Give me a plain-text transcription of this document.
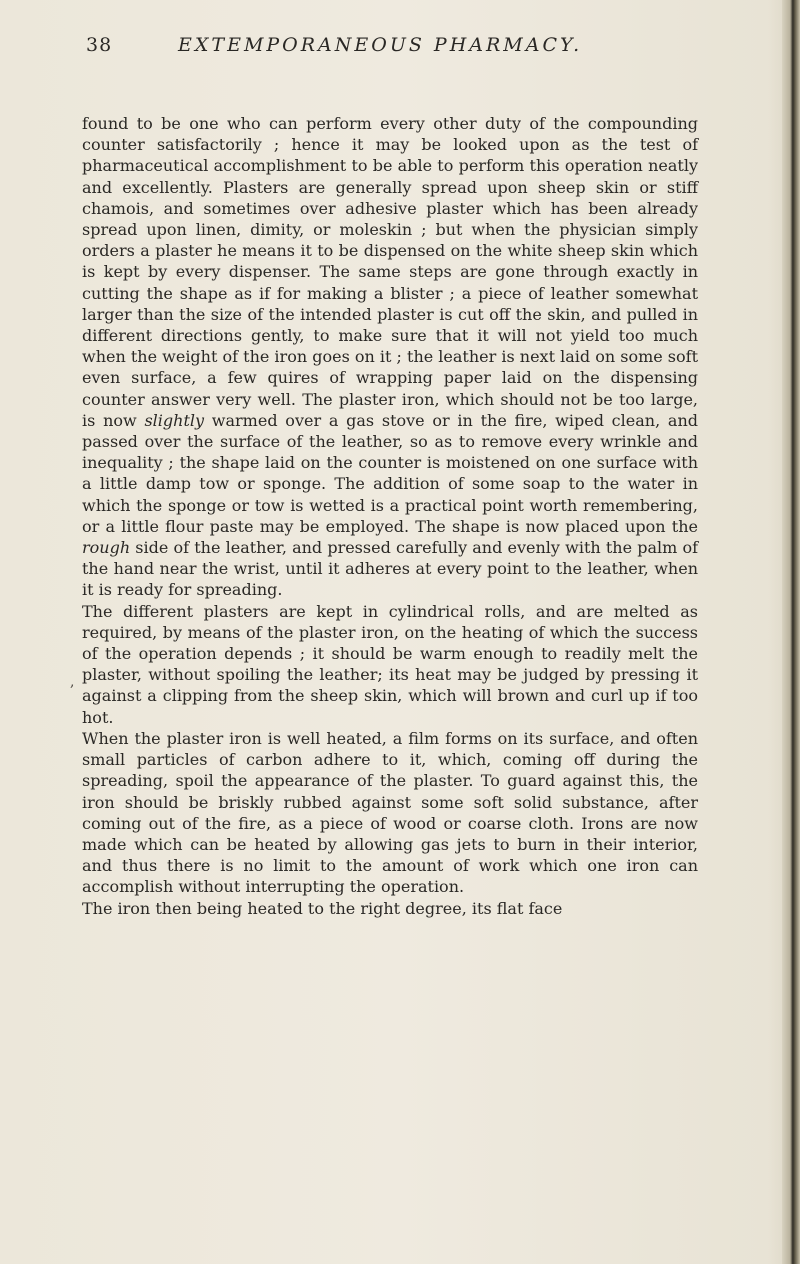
38	EXTEMPORANEOUS PHARMACY.
,

found to be one who can perform every other duty of the compounding counter satisfactorily ; hence it may be looked upon as the test of pharmaceutical accomplishment to be able to perform this operation neatly and excellently. Plasters are generally spread upon sheep skin or stiff chamois, and sometimes over adhesive plaster which has been already spread upon linen, dimity, or moleskin ; but when the physician simply orders a plaster he means it to be dispensed on the white sheep skin which is kept by every dispenser. The same steps are gone through exactly in cutting the shape as if for making a blister ; a piece of leather somewhat larger than the size of the intended plaster is cut off the skin, and pulled in different directions gently, to make sure that it will not yield too much when the weight of the iron goes on it ; the leather is next laid on some soft even surface, a few quires of wrapping paper laid on the dispensing counter answer very well. The plaster iron, which should not be too large, is now slightly warmed over a gas stove or in the fire, wiped clean, and passed over the surface of the leather, so as to remove every wrinkle and inequality ; the shape laid on the counter is moistened on one surface with a little damp tow or sponge. The addition of some soap to the water in which the sponge or tow is wetted is a practical point worth remembering, or a little flour paste may be employed. The shape is now placed upon the rough side of the leather, and pressed carefully and evenly with the palm of the hand near the wrist, until it adheres at every point to the leather, when it is ready for spreading.

The different plasters are kept in cylindrical rolls, and are melted as required, by means of the plaster iron, on the heating of which the success of the operation depends ; it should be warm enough to readily melt the plaster, without spoiling the leather; its heat may be judged by pressing it against a clipping from the sheep skin, which will brown and curl up if too hot.

When the plaster iron is well heated, a film forms on its surface, and often small particles of carbon adhere to it, which, coming off during the spreading, spoil the appearance of the plaster. To guard against this, the iron should be briskly rubbed against some soft solid substance, after coming out of the fire, as a piece of wood or coarse cloth. Irons are now made which can be heated by allowing gas jets to burn in their interior, and thus there is no limit to the amount of work which one iron can accomplish without interrupting the operation.

The iron then being heated to the right degree, its flat face
